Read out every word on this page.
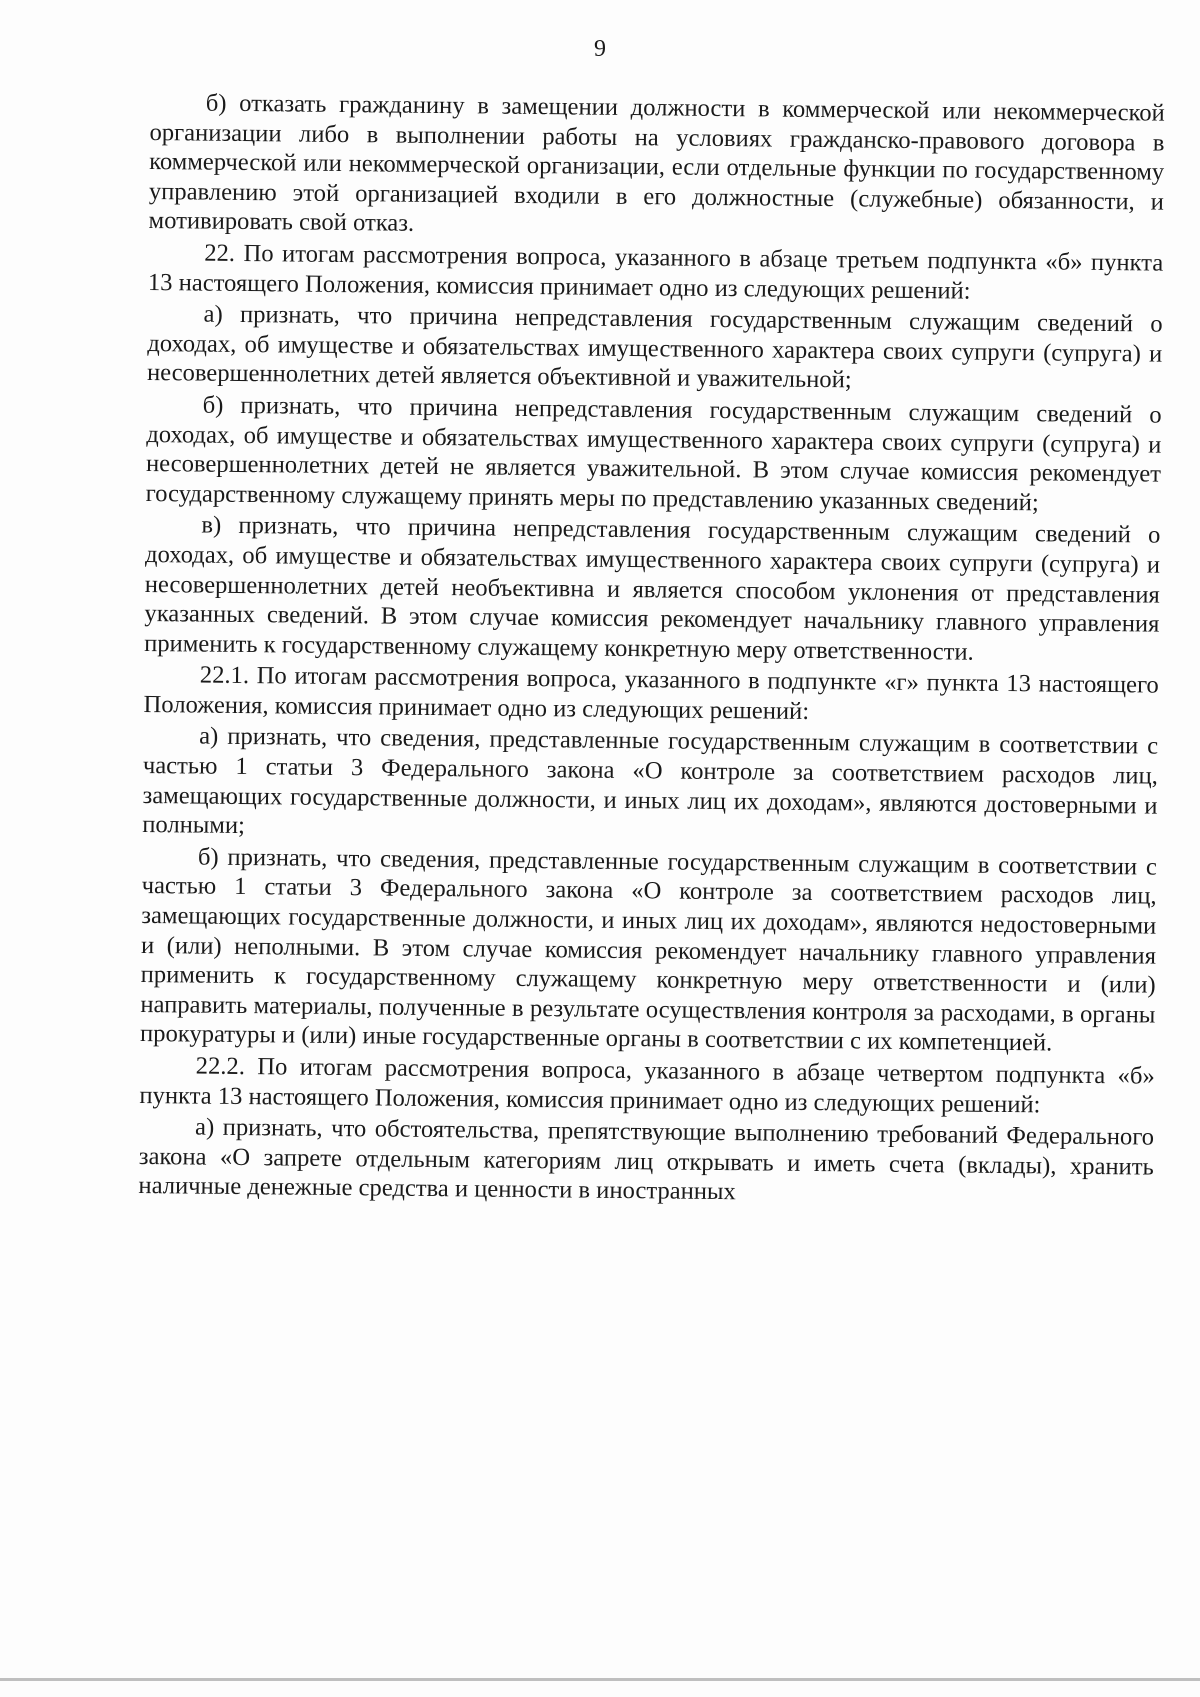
9

б) отказать гражданину в замещении должности в коммерческой или некоммерческой организации либо в выполнении работы на условиях гражданско-правового договора в коммерческой или некоммерческой организации, если отдельные функции по государственному управлению этой организацией входили в его должностные (служебные) обязанности, и мотивировать свой отказ.

22. По итогам рассмотрения вопроса, указанного в абзаце третьем подпункта «б» пункта 13 настоящего Положения, комиссия принимает одно из следующих решений:

а) признать, что причина непредставления государственным служащим сведений о доходах, об имуществе и обязательствах имущественного характера своих супруги (супруга) и несовершеннолетних детей является объективной и уважительной;

б) признать, что причина непредставления государственным служащим сведений о доходах, об имуществе и обязательствах имущественного характера своих супруги (супруга) и несовершеннолетних детей не является уважительной. В этом случае комиссия рекомендует государственному служащему принять меры по представлению указанных сведений;

в) признать, что причина непредставления государственным служащим сведений о доходах, об имуществе и обязательствах имущественного характера своих супруги (супруга) и несовершеннолетних детей необъективна и является способом уклонения от представления указанных сведений. В этом случае комиссия рекомендует начальнику главного управления применить к государственному служащему конкретную меру ответственности.

22.1. По итогам рассмотрения вопроса, указанного в подпункте «г» пункта 13 настоящего Положения, комиссия принимает одно из следующих решений:

а) признать, что сведения, представленные государственным служащим в соответствии с частью 1 статьи 3 Федерального закона «О контроле за соответствием расходов лиц, замещающих государственные должности, и иных лиц их доходам», являются достоверными и полными;

б) признать, что сведения, представленные государственным служащим в соответствии с частью 1 статьи 3 Федерального закона «О контроле за соответствием расходов лиц, замещающих государственные должности, и иных лиц их доходам», являются недостоверными и (или) неполными. В этом случае комиссия рекомендует начальнику главного управления применить к государственному служащему конкретную меру ответственности и (или) направить материалы, полученные в результате осуществления контроля за расходами, в органы прокуратуры и (или) иные государственные органы в соответствии с их компетенцией.

22.2. По итогам рассмотрения вопроса, указанного в абзаце четвертом подпункта «б» пункта 13 настоящего Положения, комиссия принимает одно из следующих решений:

а) признать, что обстоятельства, препятствующие выполнению требований Федерального закона «О запрете отдельным категориям лиц открывать и иметь счета (вклады), хранить наличные денежные средства и ценности в иностранных
